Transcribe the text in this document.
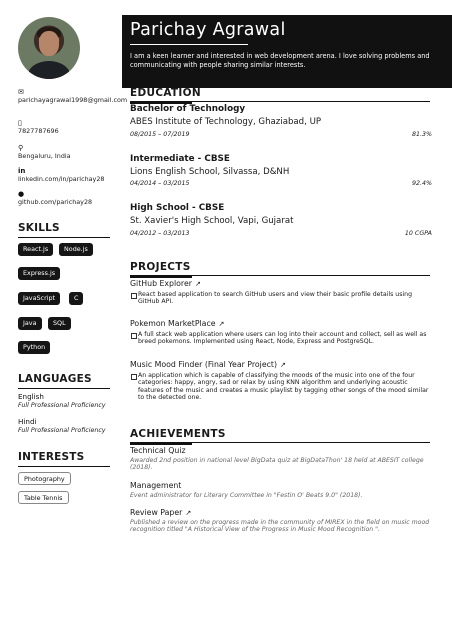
✉
parichayagrawal1998@gmail.com
▯
7827787696
⚲
Bengaluru, India
in
linkedin.com/in/parichay28
●
github.com/parichay28
SKILLS
React.js	Node.js
Express.js
JavaScript	C
Java	SQL
Python
LANGUAGES
English
Full Professional Proficiency
Hindi
Full Professional Proficiency
INTERESTS
Photography
Table Tennis
Parichay Agrawal
I am a keen learner and interested in web development arena. I love solving problems and communicating with people sharing similar interests.
EDUCATION
Bachelor of Technology
ABES Institute of Technology, Ghaziabad, UP
08/2015 – 07/2019	81.3%
Intermediate - CBSE
Lions English School, Silvassa, D&NH
04/2014 – 03/2015	92.4%
High School - CBSE
St. Xavier's High School, Vapi, Gujarat
04/2012 – 03/2013	10 CGPA
PROJECTS
GitHub Explorer ↗
React based application to search GitHub users and view their basic profile details using GitHub API.
Pokemon MarketPlace ↗
A full stack web application where users can log into their account and collect, sell as well as breed pokemons. Implemented using React, Node, Express and PostgreSQL.
Music Mood Finder (Final Year Project) ↗
An application which is capable of classifying the moods of the music into one of the four categories: happy, angry, sad or relax by using KNN algorithm and underlying acoustic features of the music and creates a music playlist by tagging other songs of the mood similar to the detected one.
ACHIEVEMENTS
Technical Quiz
Awarded 2nd position in national level BigData quiz at BigDataThon' 18 held at ABESIT college (2018).
Management
Event administrator for Literary Committee in "Festin O' Beats 9.0" (2018).
Review Paper ↗
Published a review on the progress made in the community of MIREX in the field on music mood recognition titled "A Historical View of the Progress in Music Mood Recognition ".
